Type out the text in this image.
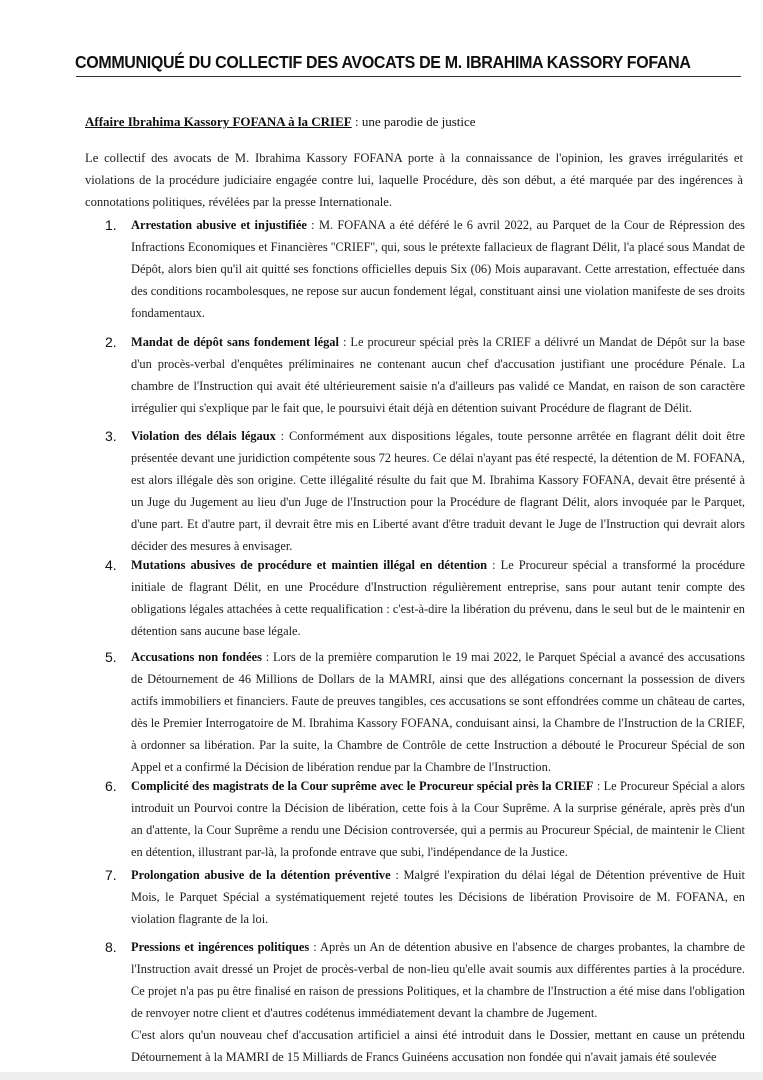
COMMUNIQUÉ DU COLLECTIF DES AVOCATS DE M. IBRAHIMA KASSORY FOFANA
Affaire Ibrahima Kassory FOFANA à la CRIEF : une parodie de justice

Le collectif des avocats de M. Ibrahima Kassory FOFANA porte à la connaissance de l'opinion, les graves irrégularités et violations de la procédure judiciaire engagée contre lui, laquelle Procédure, dès son début, a été marquée par des ingérences à connotations politiques, révélées par la presse Internationale.

1. Arrestation abusive et injustifiée : M. FOFANA a été déféré le 6 avril 2022, au Parquet de la Cour de Répression des Infractions Economiques et Financières ''CRIEF'', qui, sous le prétexte fallacieux de flagrant Délit, l'a placé sous Mandat de Dépôt, alors bien qu'il ait quitté ses fonctions officielles depuis Six (06) Mois auparavant. Cette arrestation, effectuée dans des conditions rocambolesques, ne repose sur aucun fondement légal, constituant ainsi une violation manifeste de ses droits fondamentaux.
2. Mandat de dépôt sans fondement légal : Le procureur spécial près la CRIEF a délivré un Mandat de Dépôt sur la base d'un procès-verbal d'enquêtes préliminaires ne contenant aucun chef d'accusation justifiant une procédure Pénale. La chambre de l'Instruction qui avait été ultérieurement saisie n'a d'ailleurs pas validé ce Mandat, en raison de son caractère irrégulier qui s'explique par le fait que, le poursuivi était déjà en détention suivant Procédure de flagrant de Délit.
3. Violation des délais légaux : Conformément aux dispositions légales, toute personne arrêtée en flagrant délit doit être présentée devant une juridiction compétente sous 72 heures. Ce délai n'ayant pas été respecté, la détention de M. FOFANA, est alors illégale dès son origine. Cette illégalité résulte du fait que M. Ibrahima Kassory FOFANA, devait être présenté à un Juge du Jugement au lieu d'un Juge de l'Instruction pour la Procédure de flagrant Délit, alors invoquée par le Parquet, d'une part. Et d'autre part, il devrait être mis en Liberté avant d'être traduit devant le Juge de l'Instruction qui devrait alors décider des mesures à envisager.
4. Mutations abusives de procédure et maintien illégal en détention : Le Procureur spécial a transformé la procédure initiale de flagrant Délit, en une Procédure d'Instruction régulièrement entreprise, sans pour autant tenir compte des obligations légales attachées à cette requalification : c'est-à-dire la libération du prévenu, dans le seul but de le maintenir en détention sans aucune base légale.
5. Accusations non fondées : Lors de la première comparution le 19 mai 2022, le Parquet Spécial a avancé des accusations de Détournement de 46 Millions de Dollars de la MAMRI, ainsi que des allégations concernant la possession de divers actifs immobiliers et financiers. Faute de preuves tangibles, ces accusations se sont effondrées comme un château de cartes, dès le Premier Interrogatoire de M. Ibrahima Kassory FOFANA, conduisant ainsi, la Chambre de l'Instruction de la CRIEF, à ordonner sa libération. Par la suite, la Chambre de Contrôle de cette Instruction a débouté le Procureur Spécial de son Appel et a confirmé la Décision de libération rendue par la Chambre de l'Instruction.
6. Complicité des magistrats de la Cour suprême avec le Procureur spécial près la CRIEF : Le Procureur Spécial a alors introduit un Pourvoi contre la Décision de libération, cette fois à la Cour Suprême. A la surprise générale, après près d'un an d'attente, la Cour Suprême a rendu une Décision controversée, qui a permis au Procureur Spécial, de maintenir le Client en détention, illustrant par-là, la profonde entrave que subi, l'indépendance de la Justice.
7. Prolongation abusive de la détention préventive : Malgré l'expiration du délai légal de Détention préventive de Huit Mois, le Parquet Spécial a systématiquement rejeté toutes les Décisions de libération Provisoire de M. FOFANA, en violation flagrante de la loi.
8. Pressions et ingérences politiques : Après un An de détention abusive en l'absence de charges probantes, la chambre de l'Instruction avait dressé un Projet de procès-verbal de non-lieu qu'elle avait soumis aux différentes parties à la procédure. Ce projet n'a pas pu être finalisé en raison de pressions Politiques, et la chambre de l'Instruction a été mise dans l'obligation de renvoyer notre client et d'autres codétenus immédiatement devant la chambre de Jugement.
C'est alors qu'un nouveau chef d'accusation artificiel a ainsi été introduit dans le Dossier, mettant en cause un prétendu Détournement à la MAMRI de 15 Milliards de Francs Guinéens accusation non fondée qui n'avait jamais été soulevée
